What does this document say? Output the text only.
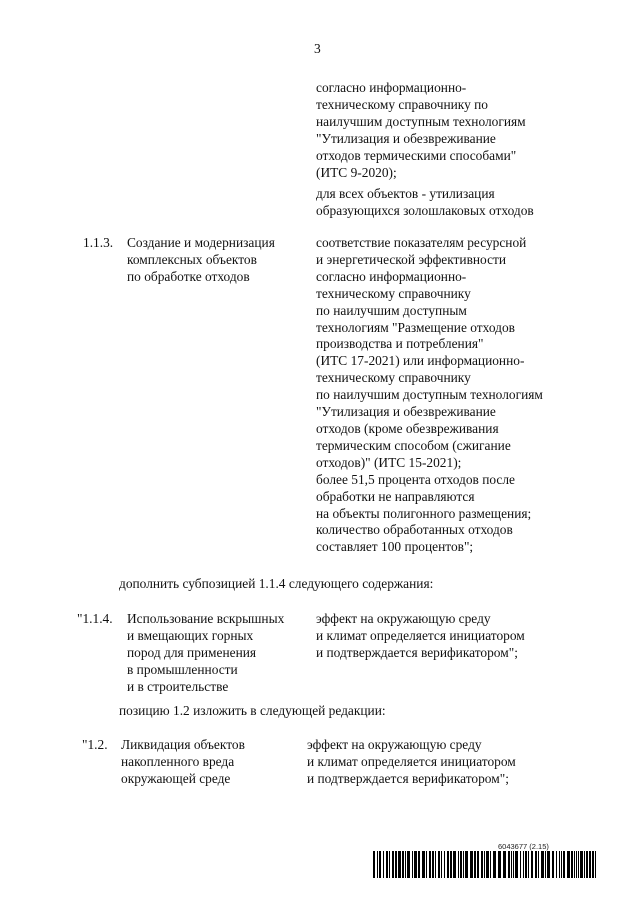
3
согласно информационно-
техническому справочнику по
наилучшим доступным технологиям
"Утилизация и обезвреживание
отходов термическими способами"
(ИТС 9-2020);
для всех объектов - утилизация
образующихся золошлаковых отходов
1.1.3. Создание и модернизация
комплексных объектов
по обработке отходов
соответствие показателям ресурсной
и энергетической эффективности
согласно информационно-
техническому справочнику
по наилучшим доступным
технологиям "Размещение отходов
производства и потребления"
(ИТС 17-2021) или информационно-
техническому справочнику
по наилучшим доступным технологиям
"Утилизация и обезвреживание
отходов (кроме обезвреживания
термическим способом (сжигание
отходов)" (ИТС 15-2021);
более 51,5 процента отходов после
обработки не направляются
на объекты полигонного размещения;
количество обработанных отходов
составляет 100 процентов";
дополнить субпозицией 1.1.4 следующего содержания:
"1.1.4. Использование вскрышных
и вмещающих горных
пород для применения
в промышленности
и в строительстве
эффект на окружающую среду
и климат определяется инициатором
и подтверждается верификатором";
позицию 1.2 изложить в следующей редакции:
"1.2. Ликвидация объектов
накопленного вреда
окружающей среде
эффект на окружающую среду
и климат определяется инициатором
и подтверждается верификатором";
6043677 (2.15)
